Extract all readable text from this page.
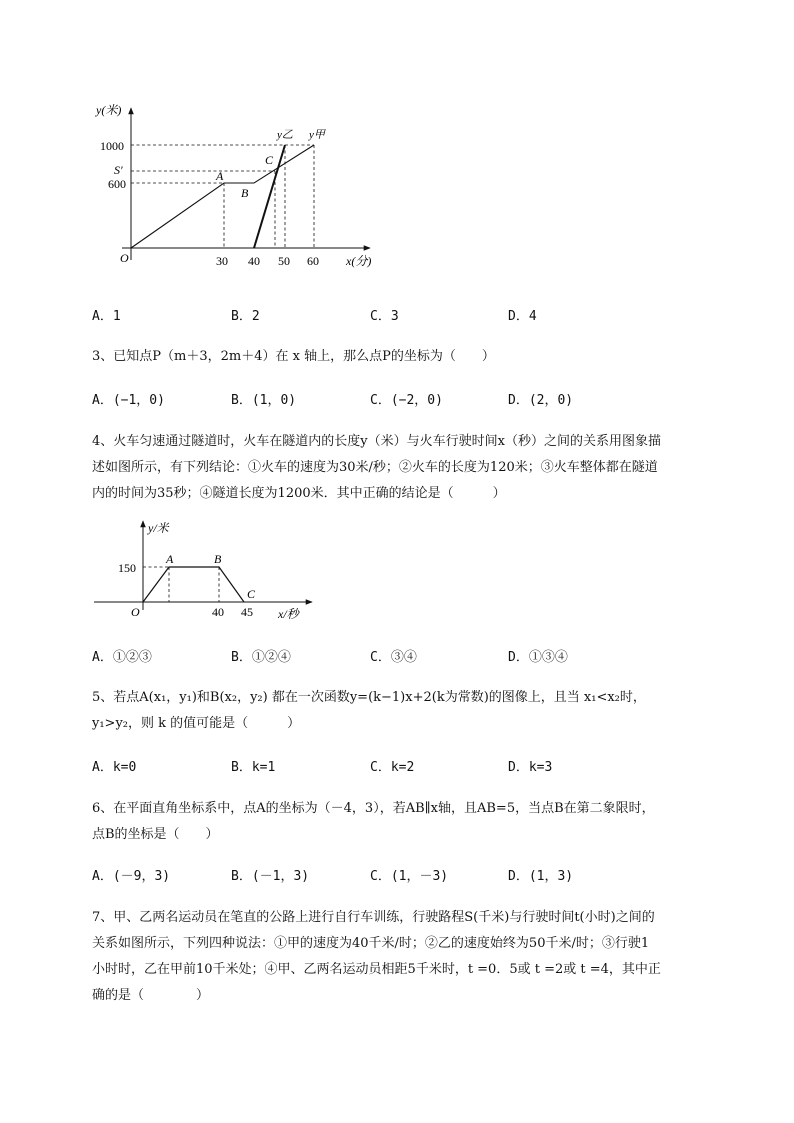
y(米)
1000
S′
600
O
A
B
C
y乙 y甲
30 40 50 60 x(分)
A．1	B．2	C．3	D．4
3、已知点P（m＋3，2m＋4）在 x 轴上，那么点P的坐标为（　　）
A．(−1，0)	B．(1，0)	C．(−2，0)	D．(2，0)
4、火车匀速通过隧道时，火车在隧道内的长度y（米）与火车行驶时间x（秒）之间的关系用图象描
述如图所示，有下列结论：①火车的速度为30米/秒；②火车的长度为120米；③火车整体都在隧道
内的时间为35秒；④隧道长度为1200米．其中正确的结论是（　　　）
y/米
150
A	B
C
O	40 45 x/秒
A．①②③	B．①②④	C．③④	D．①③④
5、若点A(x₁，y₁)和B(x₂，y₂) 都在一次函数y=(k−1)x+2(k为常数)的图像上，且当 x₁<x₂时，
y₁>y₂，则 k 的值可能是（　　　）
A．k=0	B．k=1	C．k=2	D．k=3
6、在平面直角坐标系中，点A的坐标为（－4，3），若AB∥x轴，且AB=5，当点B在第二象限时，
点B的坐标是（　　）
A．(－9，3)	B．(－1，3)	C．(1，－3)	D．(1，3)
7、甲、乙两名运动员在笔直的公路上进行自行车训练，行驶路程S(千米)与行驶时间t(小时)之间的
关系如图所示，下列四种说法：①甲的速度为40千米/时；②乙的速度始终为50千米/时；③行驶1
小时时，乙在甲前10千米处；④甲、乙两名运动员相距5千米时，t =0．5或 t =2或 t =4，其中正
确的是（　　　　）
